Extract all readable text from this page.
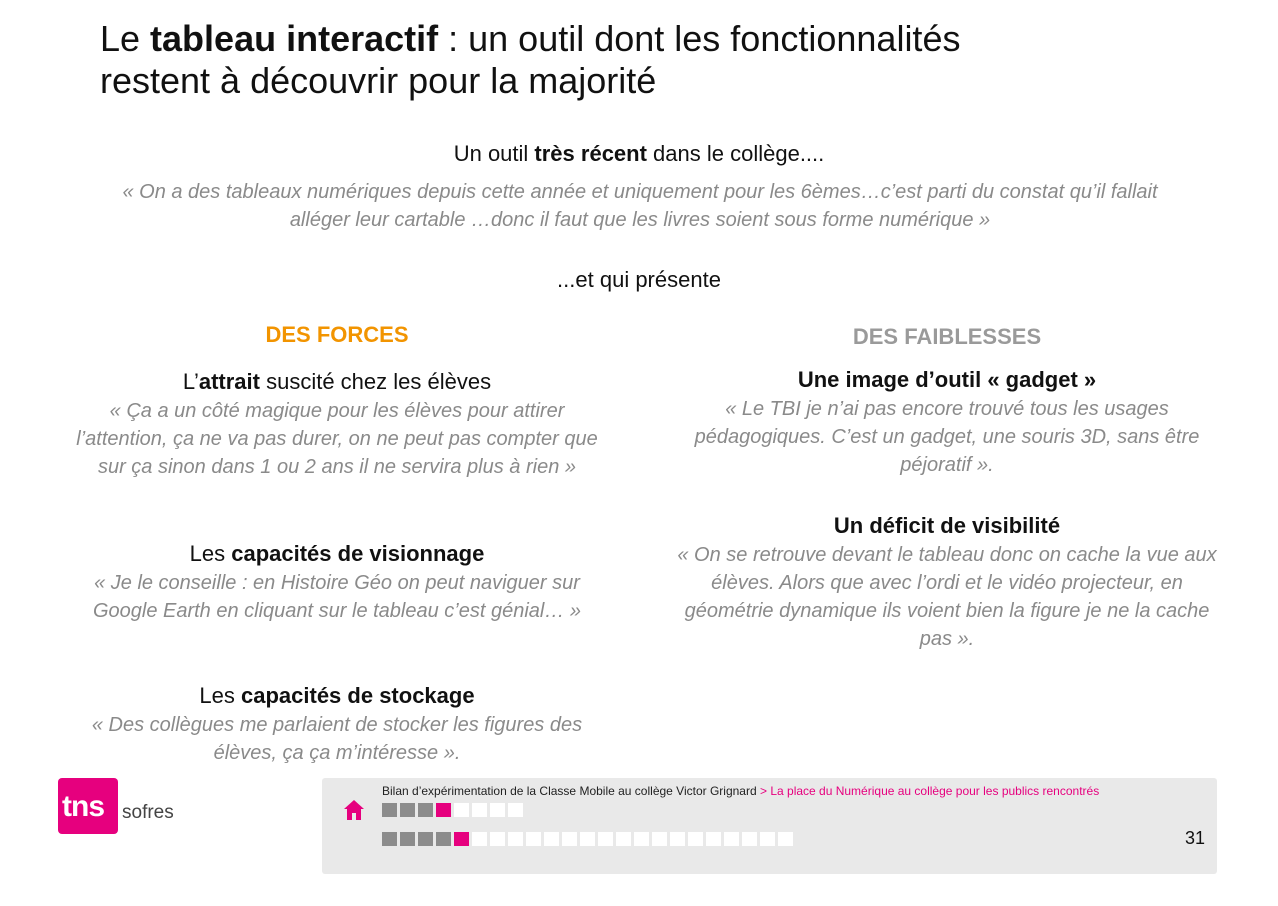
Le tableau interactif : un outil dont les fonctionnalités
restent à découvrir pour la majorité
Un outil très récent dans le collège....
« On a des tableaux numériques depuis cette année et uniquement pour les 6èmes…c’est parti du constat qu’il fallait alléger leur cartable …donc il faut que les livres soient sous forme numérique »
...et qui présente
DES FORCES
L’attrait suscité chez les élèves
« Ça a un côté magique pour les élèves pour attirer l’attention, ça ne va pas durer, on ne peut pas compter que sur ça sinon dans 1 ou 2 ans il ne servira plus à rien »
Les capacités de visionnage
« Je le conseille : en Histoire Géo on peut naviguer sur Google Earth en cliquant sur le tableau c’est génial… »
Les capacités de stockage
« Des collègues me parlaient de stocker les figures des élèves, ça ça m’intéresse ».
DES FAIBLESSES
Une image d’outil « gadget »
« Le TBI je n’ai pas encore trouvé tous les usages pédagogiques. C’est un gadget, une souris 3D, sans être péjoratif ».
Un déficit de visibilité
« On se retrouve devant le tableau donc on cache la vue aux élèves. Alors que avec l’ordi et le vidéo projecteur, en géométrie dynamique ils voient bien la figure je ne la cache pas ».
tns sofres
Bilan d’expérimentation de la Classe Mobile au collège Victor Grignard > La place du Numérique au collège pour les publics rencontrés
31
